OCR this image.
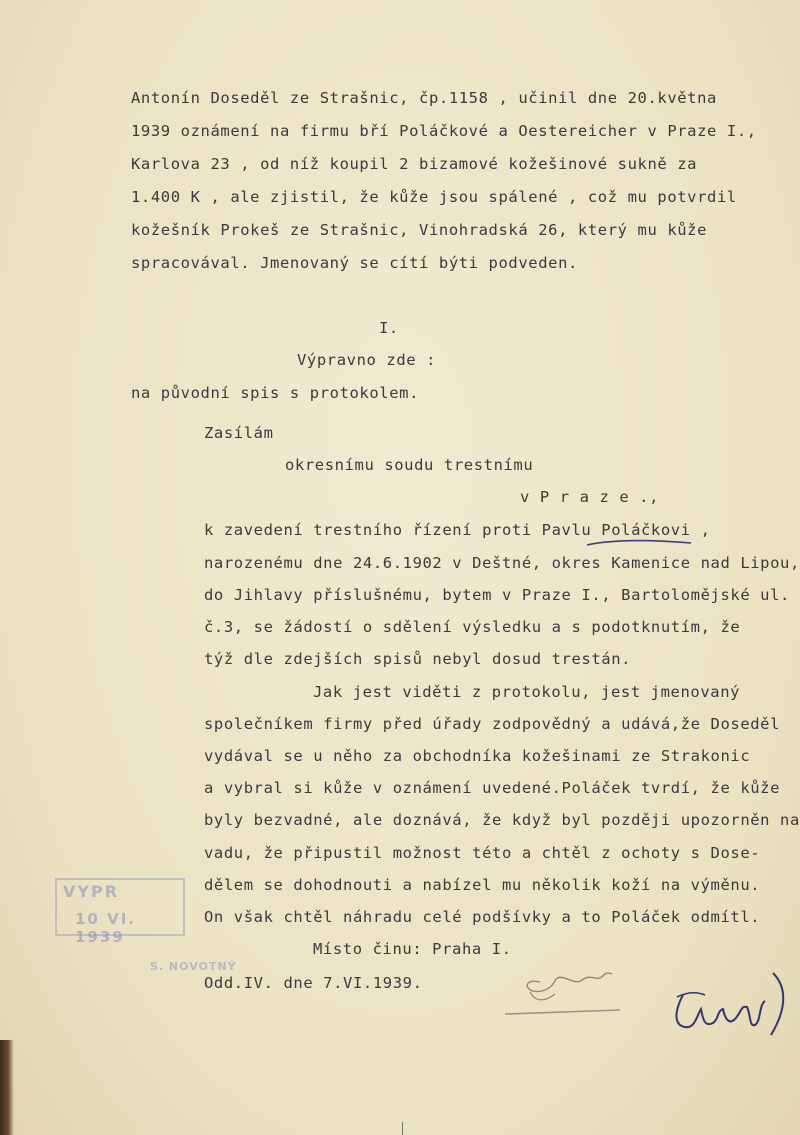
Antonín Doseděl ze Strašnic, čp.1158 , učinil dne 20.května
1939 oznámení na firmu bří Poláčkové a Oestereicher v Praze I.,
Karlova 23 , od níž koupil 2 bizamové kožešinové sukně za
1.400 K , ale zjistil, že kůže jsou spálené , což mu potvrdil
kožešník Prokeš ze Strašnic, Vinohradská 26, který mu kůže
spracovával. Jmenovaný se cítí býti podveden.
I.
Výpravno zde :
na původní spis s protokolem.
Zasílám
okresnímu soudu trestnímu
v P r a z e .,
k zavedení trestního řízení proti Pavlu Poláčkovi ,
narozenému dne 24.6.1902 v Deštné, okres Kamenice nad Lipou,
do Jihlavy příslušnému, bytem v Praze I., Bartolomějské ul.
č.3, se žádostí o sdělení výsledku a s podotknutím, že
týž dle zdejších spisů nebyl dosud trestán.
Jak jest viděti z protokolu, jest jmenovaný
společníkem firmy před úřady zodpovědný a udává,že Doseděl
vydával se u něho za obchodníka kožešinami ze Strakonic
a vybral si kůže v oznámení uvedené.Poláček tvrdí, že kůže
byly bezvadné, ale doznává, že když byl později upozorněn na
vadu, že připustil možnost této a chtěl z ochoty s Dose-
dělem se dohodnouti a nabízel mu několik koží na výměnu.
On však chtěl náhradu celé podšívky a to Poláček odmítl.
Místo činu: Praha I.
Odd.IV. dne 7.VI.1939.
VYPR
10 VI. 1939
S. NOVOTNÝ
